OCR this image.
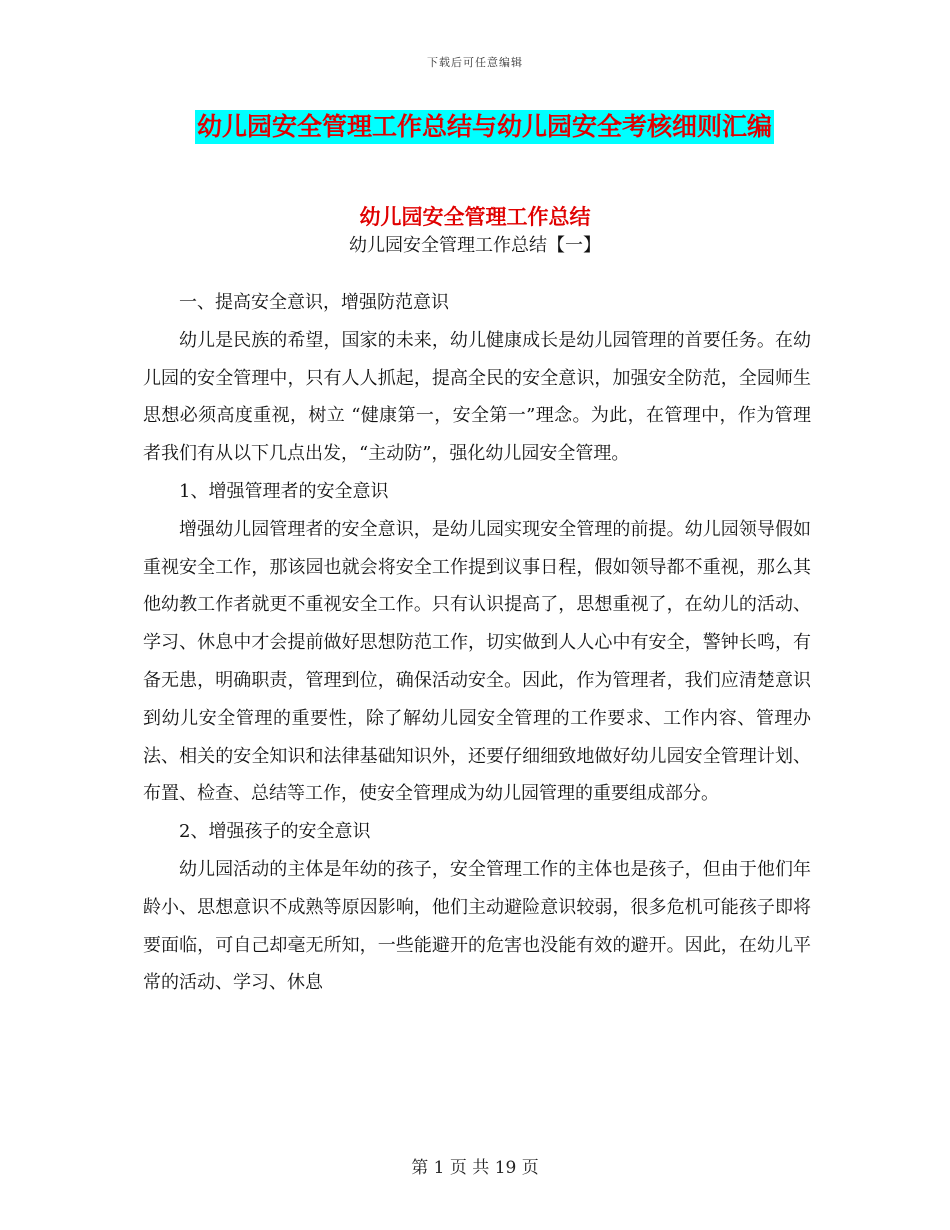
下载后可任意编辑
幼儿园安全管理工作总结与幼儿园安全考核细则汇编
幼儿园安全管理工作总结
幼儿园安全管理工作总结【一】

一、提高安全意识，增强防范意识

幼儿是民族的希望，国家的未来，幼儿健康成长是幼儿园管理的首要任务。在幼儿园的安全管理中，只有人人抓起，提高全民的安全意识，加强安全防范，全园师生思想必须高度重视，树立 “健康第一，安全第一”理念。为此，在管理中，作为管理者我们有从以下几点出发，“主动防”，强化幼儿园安全管理。

1、增强管理者的安全意识

增强幼儿园管理者的安全意识，是幼儿园实现安全管理的前提。幼儿园领导假如重视安全工作，那该园也就会将安全工作提到议事日程，假如领导都不重视，那么其他幼教工作者就更不重视安全工作。只有认识提高了，思想重视了，在幼儿的活动、学习、休息中才会提前做好思想防范工作，切实做到人人心中有安全，警钟长鸣，有备无患，明确职责，管理到位，确保活动安全。因此，作为管理者，我们应清楚意识到幼儿安全管理的重要性，除了解幼儿园安全管理的工作要求、工作内容、管理办法、相关的安全知识和法律基础知识外，还要仔细细致地做好幼儿园安全管理计划、布置、检查、总结等工作，使安全管理成为幼儿园管理的重要组成部分。

2、增强孩子的安全意识

幼儿园活动的主体是年幼的孩子，安全管理工作的主体也是孩子，但由于他们年龄小、思想意识不成熟等原因影响，他们主动避险意识较弱，很多危机可能孩子即将要面临，可自己却毫无所知，一些能避开的危害也没能有效的避开。因此，在幼儿平常的活动、学习、休息

第 1 页 共 19 页
